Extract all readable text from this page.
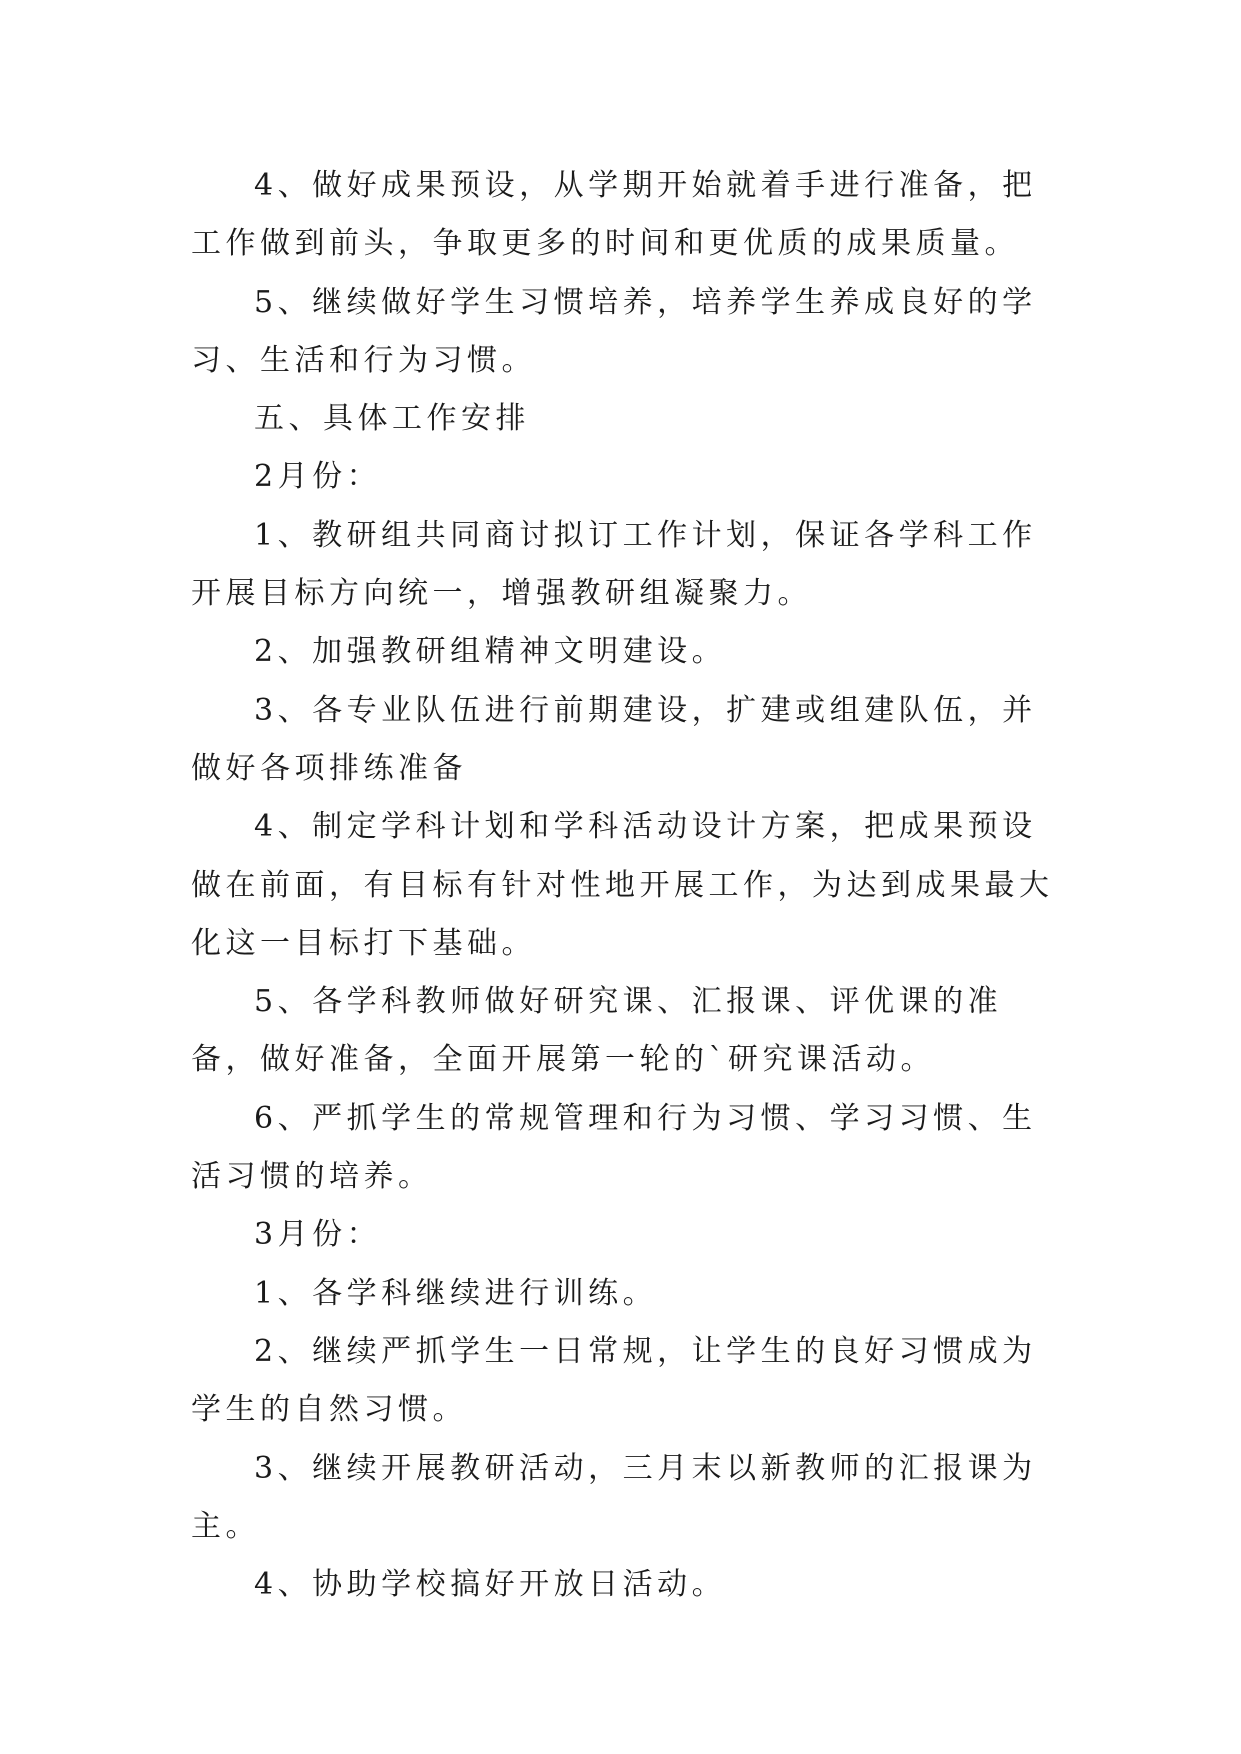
4、做好成果预设，从学期开始就着手进行准备，把工作做到前头，争取更多的时间和更优质的成果质量。

5、继续做好学生习惯培养，培养学生养成良好的学习、生活和行为习惯。

五、具体工作安排

2月份：

1、教研组共同商讨拟订工作计划，保证各学科工作开展目标方向统一，增强教研组凝聚力。

2、加强教研组精神文明建设。

3、各专业队伍进行前期建设，扩建或组建队伍，并做好各项排练准备

4、制定学科计划和学科活动设计方案，把成果预设做在前面，有目标有针对性地开展工作，为达到成果最大化这一目标打下基础。

5、各学科教师做好研究课、汇报课、评优课的准备，做好准备，全面开展第一轮的`研究课活动。

6、严抓学生的常规管理和行为习惯、学习习惯、生活习惯的培养。

3月份：

1、各学科继续进行训练。

2、继续严抓学生一日常规，让学生的良好习惯成为学生的自然习惯。

3、继续开展教研活动，三月末以新教师的汇报课为主。

4、协助学校搞好开放日活动。
